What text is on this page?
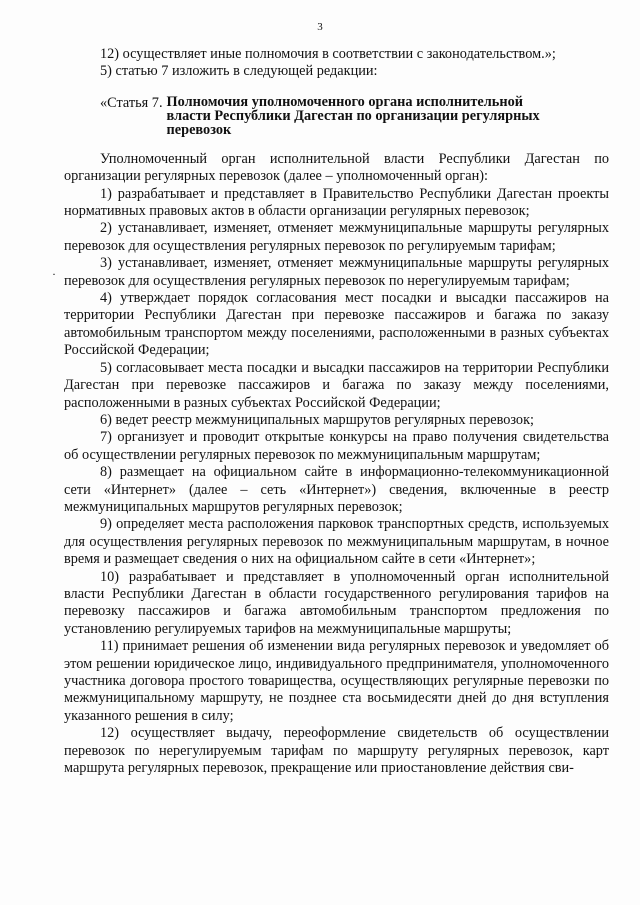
3

12) осуществляет иные полномочия в соответствии с законодательством.»;

5) статью 7 изложить в следующей редакции:

«Статья 7. Полномочия уполномоченного органа исполнительной власти Республики Дагестан по организации регулярных перевозок

Уполномоченный орган исполнительной власти Республики Дагестан по организации регулярных перевозок (далее – уполномоченный орган):

1) разрабатывает и представляет в Правительство Республики Дагестан проекты нормативных правовых актов в области организации регулярных перевозок;

2) устанавливает, изменяет, отменяет межмуниципальные маршруты регулярных перевозок для осуществления регулярных перевозок по регулируемым тарифам;

3) устанавливает, изменяет, отменяет межмуниципальные маршруты регулярных перевозок для осуществления регулярных перевозок по нерегулируемым тарифам;

4) утверждает порядок согласования мест посадки и высадки пассажиров на территории Республики Дагестан при перевозке пассажиров и багажа по заказу автомобильным транспортом между поселениями, расположенными в разных субъектах Российской Федерации;

5) согласовывает места посадки и высадки пассажиров на территории Республики Дагестан при перевозке пассажиров и багажа по заказу между поселениями, расположенными в разных субъектах Российской Федерации;

6) ведет реестр межмуниципальных маршрутов регулярных перевозок;

7) организует и проводит открытые конкурсы на право получения свидетельства об осуществлении регулярных перевозок по межмуниципальным маршрутам;

8) размещает на официальном сайте в информационно-телекоммуникационной сети «Интернет» (далее – сеть «Интернет») сведения, включенные в реестр межмуниципальных маршрутов регулярных перевозок;

9) определяет места расположения парковок транспортных средств, используемых для осуществления регулярных перевозок по межмуниципальным маршрутам, в ночное время и размещает сведения о них на официальном сайте в сети «Интернет»;

10) разрабатывает и представляет в уполномоченный орган исполнительной власти Республики Дагестан в области государственного регулирования тарифов на перевозку пассажиров и багажа автомобильным транспортом предложения по установлению регулируемых тарифов на межмуниципальные маршруты;

11) принимает решения об изменении вида регулярных перевозок и уведомляет об этом решении юридическое лицо, индивидуального предпринимателя, уполномоченного участника договора простого товарищества, осуществляющих регулярные перевозки по межмуниципальному маршруту, не позднее ста восьмидесяти дней до дня вступления указанного решения в силу;

12) осуществляет выдачу, переоформление свидетельств об осуществлении перевозок по нерегулируемым тарифам по маршруту регулярных перевозок, карт маршрута регулярных перевозок, прекращение или приостановление действия сви-

·
